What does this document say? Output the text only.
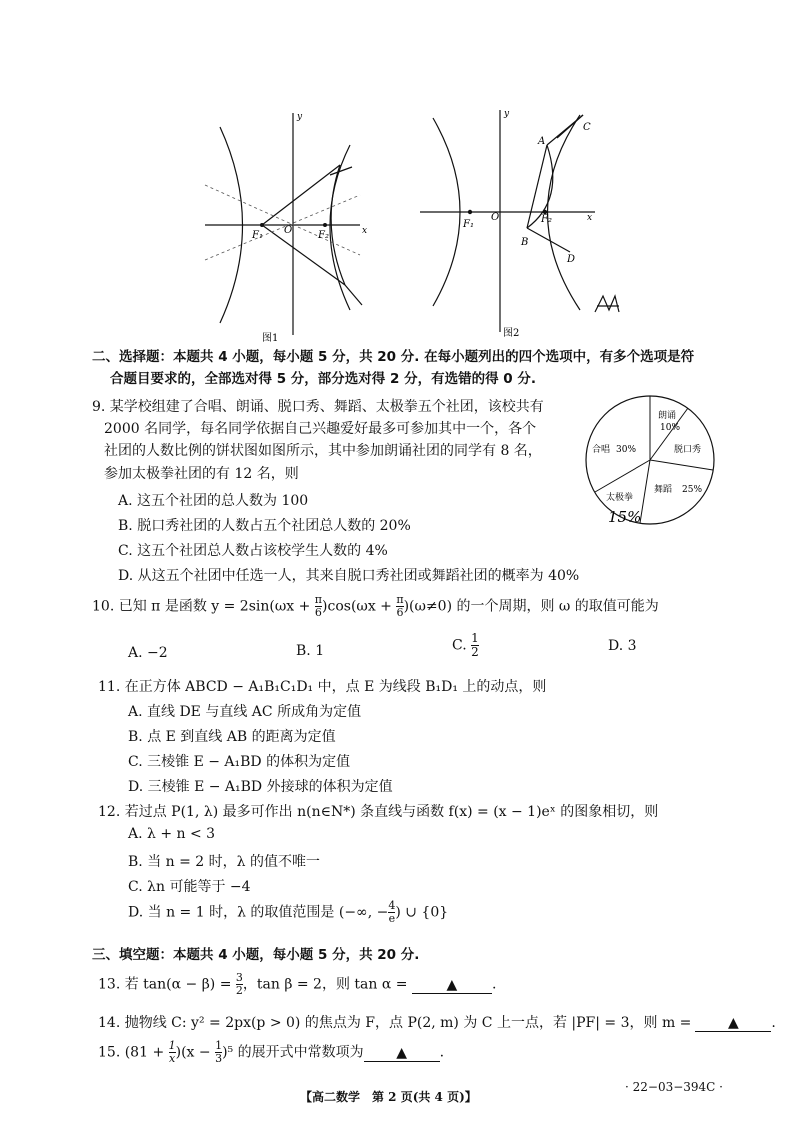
y
x
O
F₁	F₂
图1
y
x
O
F₁	F₂
A
B
C
D
图2
二、选择题：本题共 4 小题，每小题 5 分，共 20 分. 在每小题列出的四个选项中，有多个选项是符
合题目要求的，全部选对得 5 分，部分选对得 2 分，有选错的得 0 分.
9. 某学校组建了合唱、朗诵、脱口秀、舞蹈、太极拳五个社团，该校共有
2000 名同学，每名同学依据自己兴趣爱好最多可参加其中一个，各个
社团的人数比例的饼状图如图所示，其中参加朗诵社团的同学有 8 名，
参加太极拳社团的有 12 名，则
A. 这五个社团的总人数为 100
B. 脱口秀社团的人数占五个社团总人数的 20%
C. 这五个社团总人数占该校学生人数的 4%
D. 从这五个社团中任选一人，其来自脱口秀社团或舞蹈社团的概率为 40%
朗诵
10%
脱口秀
舞蹈 25%
太极拳
合唱 30%
15%
10. 已知 π 是函数 $y = 2\sin(\omega x + \frac{\pi}{6} )\cos(\omega x + \frac{\pi}{6} )(\omega\ne 0)$ 的一个周期，则 ω 的取值可能为
A. −2	B. 1	C. $\frac{1}{2}$	D. 3
11. 在正方体 ABCD − A₁B₁C₁D₁ 中，点 E 为线段 B₁D₁ 上的动点，则
A. 直线 DE 与直线 AC 所成角为定值
B. 点 E 到直线 AB 的距离为定值
C. 三棱锥 E − A₁BD 的体积为定值
D. 三棱锥 E − A₁BD 外接球的体积为定值
12. 若过点 P(1, λ) 最多可作出 n(n∈N*) 条直线与函数 f(x) = (x − 1)eˣ 的图象相切，则
A. λ + n < 3
B. 当 n = 2 时，λ 的值不唯一
C. λn 可能等于 −4
D. 当 n = 1 时，λ 的取值范围是 (−∞, − $\frac{4}{e}$ ) ∪ {0}
三、填空题：本题共 4 小题，每小题 5 分，共 20 分.
13. 若 $\tan(\alpha - \beta) = \frac{3}{2}$ ，tan β = 2，则 tan α = ▲ .
14. 抛物线 C: y² = 2px(p > 0) 的焦点为 F，点 P(2, m) 为 C 上一点，若 |PF| = 3，则 m =	▲ .
15. $(81 + \frac{1}{x} )(x - \frac{1}{3} )^5$ 的展开式中常数项为 ▲ .
【高二数学　第 2 页(共 4 页)】
· 22−03−394C ·
